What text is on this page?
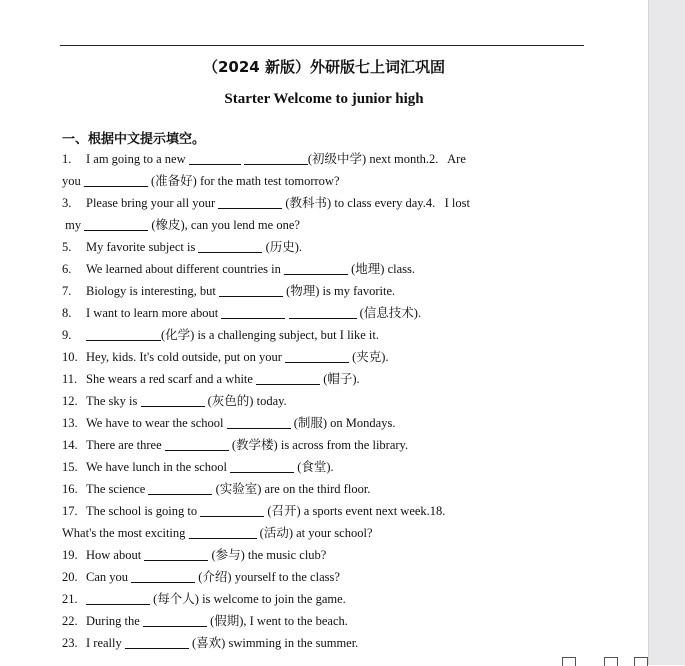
（2024 新版）外研版七上词汇巩固
Starter Welcome to junior high
一、根据中文提示填空。
1. I am going to a new	(初级中学) next month.2. Are
you	(准备好) for the math test tomorrow?
3. Please bring your all your	(教科书) to class every day.4. I lost
my	(橡皮), can you lend me one?
5. My favorite subject is	(历史).
6. We learned about different countries in	(地理) class.
7. Biology is interesting, but	(物理) is my favorite.
8. I want to learn more about	(信息技术).
9.	(化学) is a challenging subject, but I like it.
10. Hey, kids. It's cold outside, put on your	(夹克).
11. She wears a red scarf and a white	(帽子).
12. The sky is	(灰色的) today.
13. We have to wear the school	(制服) on Mondays.
14. There are three	(教学楼) is across from the library.
15. We have lunch in the school	(食堂).
16. The science	(实验室) are on the third floor.
17. The school is going to	(召开) a sports event next week.18.
What's the most exciting	(活动) at your school?
19. How about	(参与) the music club?
20. Can you	(介绍) yourself to the class?
21.	(每个人) is welcome to join the game.
22. During the	(假期), I went to the beach.
23. I really	(喜欢) swimming in the summer.
